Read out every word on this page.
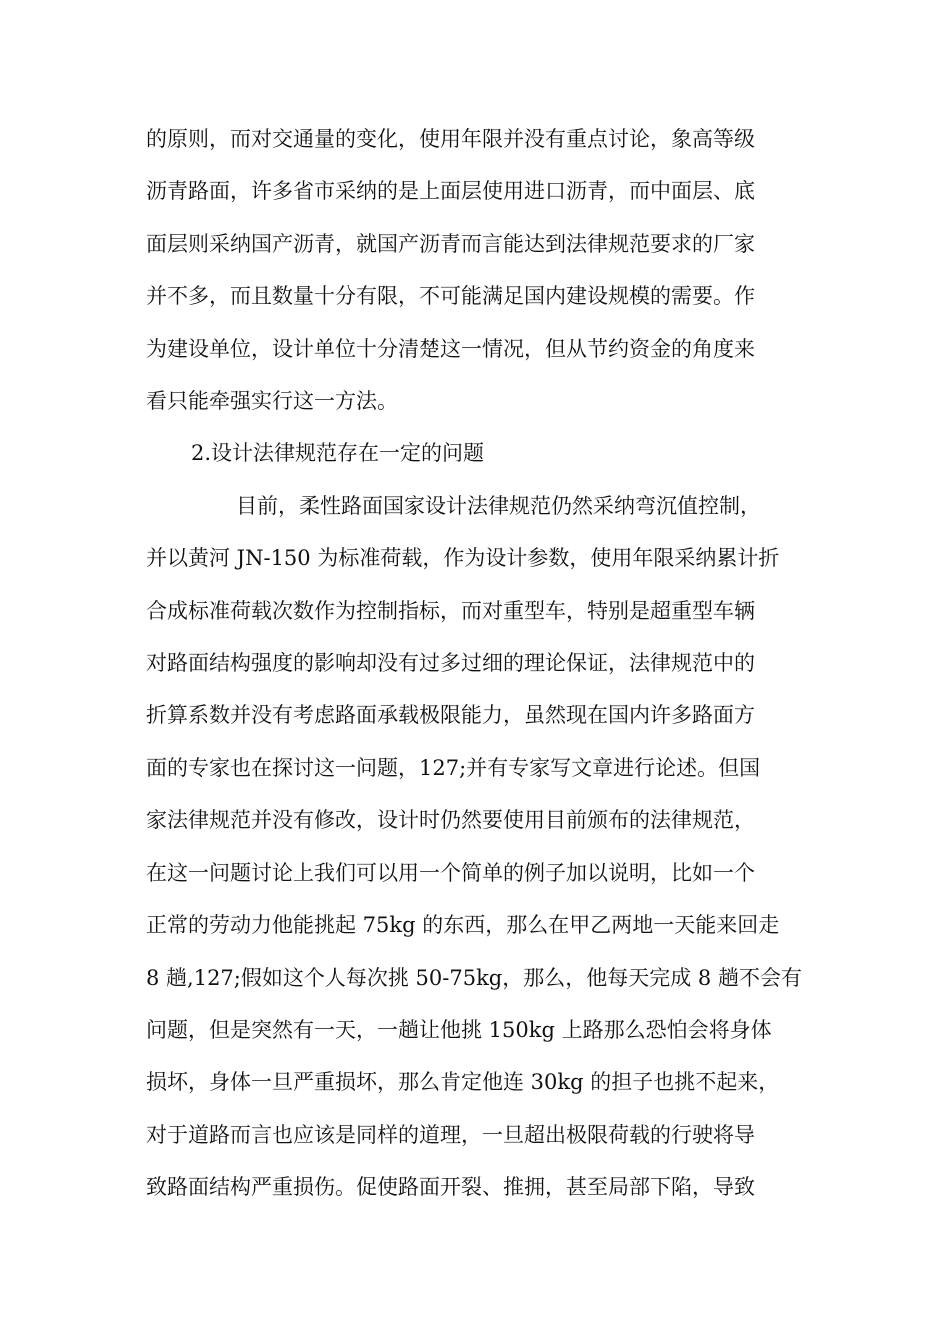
的原则，而对交通量的变化，使用年限并没有重点讨论，象高等级
沥青路面，许多省市采纳的是上面层使用进口沥青，而中面层、底
面层则采纳国产沥青，就国产沥青而言能达到法律规范要求的厂家
并不多，而且数量十分有限，不可能满足国内建设规模的需要。作
为建设单位，设计单位十分清楚这一情况，但从节约资金的角度来
看只能牵强实行这一方法。
2.设计法律规范存在一定的问题
目前，柔性路面国家设计法律规范仍然采纳弯沉值控制，
并以黄河 JN-150 为标准荷载，作为设计参数，使用年限采纳累计折
合成标准荷载次数作为控制指标，而对重型车，特别是超重型车辆
对路面结构强度的影响却没有过多过细的理论保证，法律规范中的
折算系数并没有考虑路面承载极限能力，虽然现在国内许多路面方
面的专家也在探讨这一问题，127;并有专家写文章进行论述。但国
家法律规范并没有修改，设计时仍然要使用目前颁布的法律规范，
在这一问题讨论上我们可以用一个简单的例子加以说明，比如一个
正常的劳动力他能挑起 75kg 的东西，那么在甲乙两地一天能来回走
8 趟,127;假如这个人每次挑 50-75kg，那么，他每天完成 8 趟不会有
问题，但是突然有一天，一趟让他挑 150kg 上路那么恐怕会将身体
损坏，身体一旦严重损坏，那么肯定他连 30kg 的担子也挑不起来，
对于道路而言也应该是同样的道理，一旦超出极限荷载的行驶将导
致路面结构严重损伤。促使路面开裂、推拥，甚至局部下陷，导致
